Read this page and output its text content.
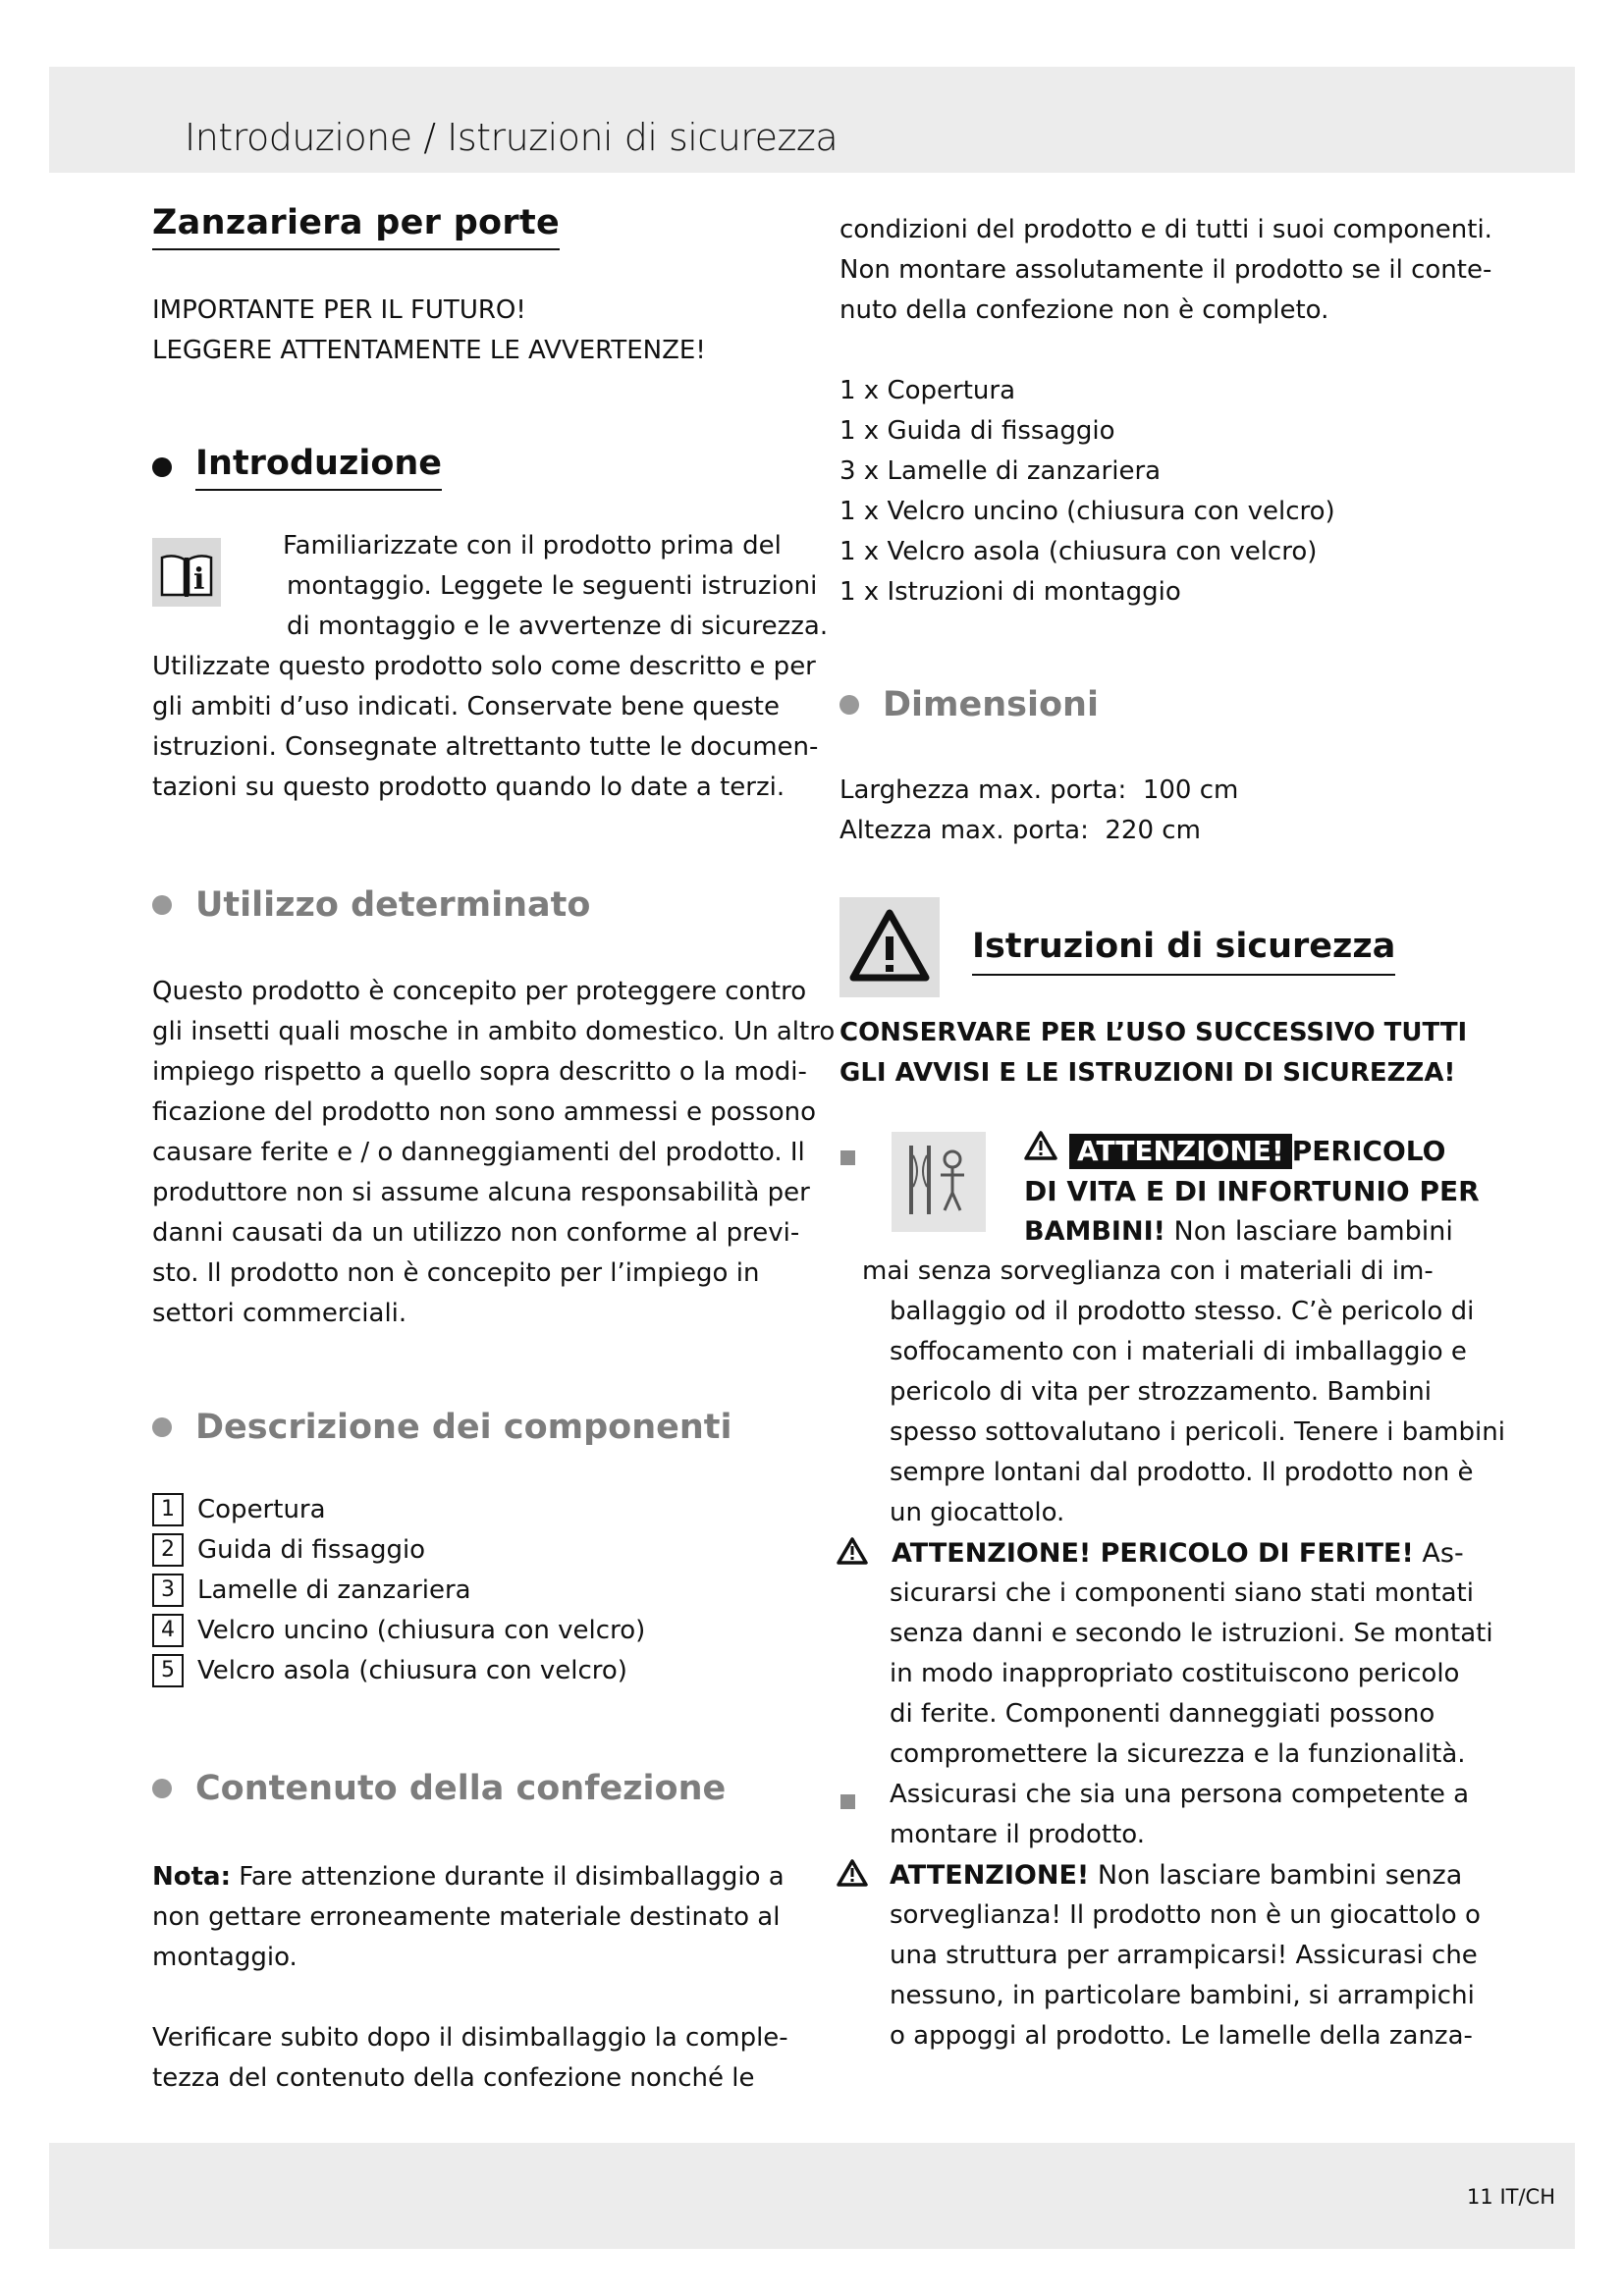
Introduzione / Istruzioni di sicurezza
11 IT/CH
Zanzariera per porte
IMPORTANTE PER IL FUTURO!
LEGGERE ATTENTAMENTE LE AVVERTENZE!
Introduzione
i
Familiarizzate con il prodotto prima del
montaggio. Leggete le seguenti istruzioni
di montaggio e le avvertenze di sicurezza.
Utilizzate questo prodotto solo come descritto e per
gli ambiti d’uso indicati. Conservate bene queste
istruzioni. Consegnate altrettanto tutte le documen-
tazioni su questo prodotto quando lo date a terzi.
Utilizzo determinato
Questo prodotto è concepito per proteggere contro
gli insetti quali mosche in ambito domestico. Un altro
impiego rispetto a quello sopra descritto o la modi-
ficazione del prodotto non sono ammessi e possono
causare ferite e / o danneggiamenti del prodotto. Il
produttore non si assume alcuna responsabilità per
danni causati da un utilizzo non conforme al previ-
sto. Il prodotto non è concepito per l’impiego in
settori commerciali.
Descrizione dei componenti
1 Copertura
2 Guida di fissaggio
3 Lamelle di zanzariera
4 Velcro uncino (chiusura con velcro)
5 Velcro asola (chiusura con velcro)
Contenuto della confezione
Nota: Fare attenzione durante il disimballaggio a
non gettare erroneamente materiale destinato al
montaggio.
Verificare subito dopo il disimballaggio la comple-
tezza del contenuto della confezione nonché le
condizioni del prodotto e di tutti i suoi componenti.
Non montare assolutamente il prodotto se il conte-
nuto della confezione non è completo.
1 x Copertura
1 x Guida di fissaggio
3 x Lamelle di zanzariera
1 x Velcro uncino (chiusura con velcro)
1 x Velcro asola (chiusura con velcro)
1 x Istruzioni di montaggio
Dimensioni
Larghezza max. porta: 100 cm
Altezza max. porta: 220 cm
Istruzioni di sicurezza
CONSERVARE PER L’USO SUCCESSIVO TUTTI
GLI AVVISI E LE ISTRUZIONI DI SICUREZZA!
ATTENZIONE! PERICOLO
DI VITA E DI INFORTUNIO PER
BAMBINI! Non lasciare bambini
mai senza sorveglianza con i materiali di im-
ballaggio od il prodotto stesso. C’è pericolo di
soffocamento con i materiali di imballaggio e
pericolo di vita per strozzamento. Bambini
spesso sottovalutano i pericoli. Tenere i bambini
sempre lontani dal prodotto. Il prodotto non è
un giocattolo.
ATTENZIONE! PERICOLO DI FERITE! As-
sicurarsi che i componenti siano stati montati
senza danni e secondo le istruzioni. Se montati
in modo inappropriato costituiscono pericolo
di ferite. Componenti danneggiati possono
compromettere la sicurezza e la funzionalità.
Assicurasi che sia una persona competente a
montare il prodotto.
ATTENZIONE! Non lasciare bambini senza
sorveglianza! Il prodotto non è un giocattolo o
una struttura per arrampicarsi! Assicurasi che
nessuno, in particolare bambini, si arrampichi
o appoggi al prodotto. Le lamelle della zanza-
